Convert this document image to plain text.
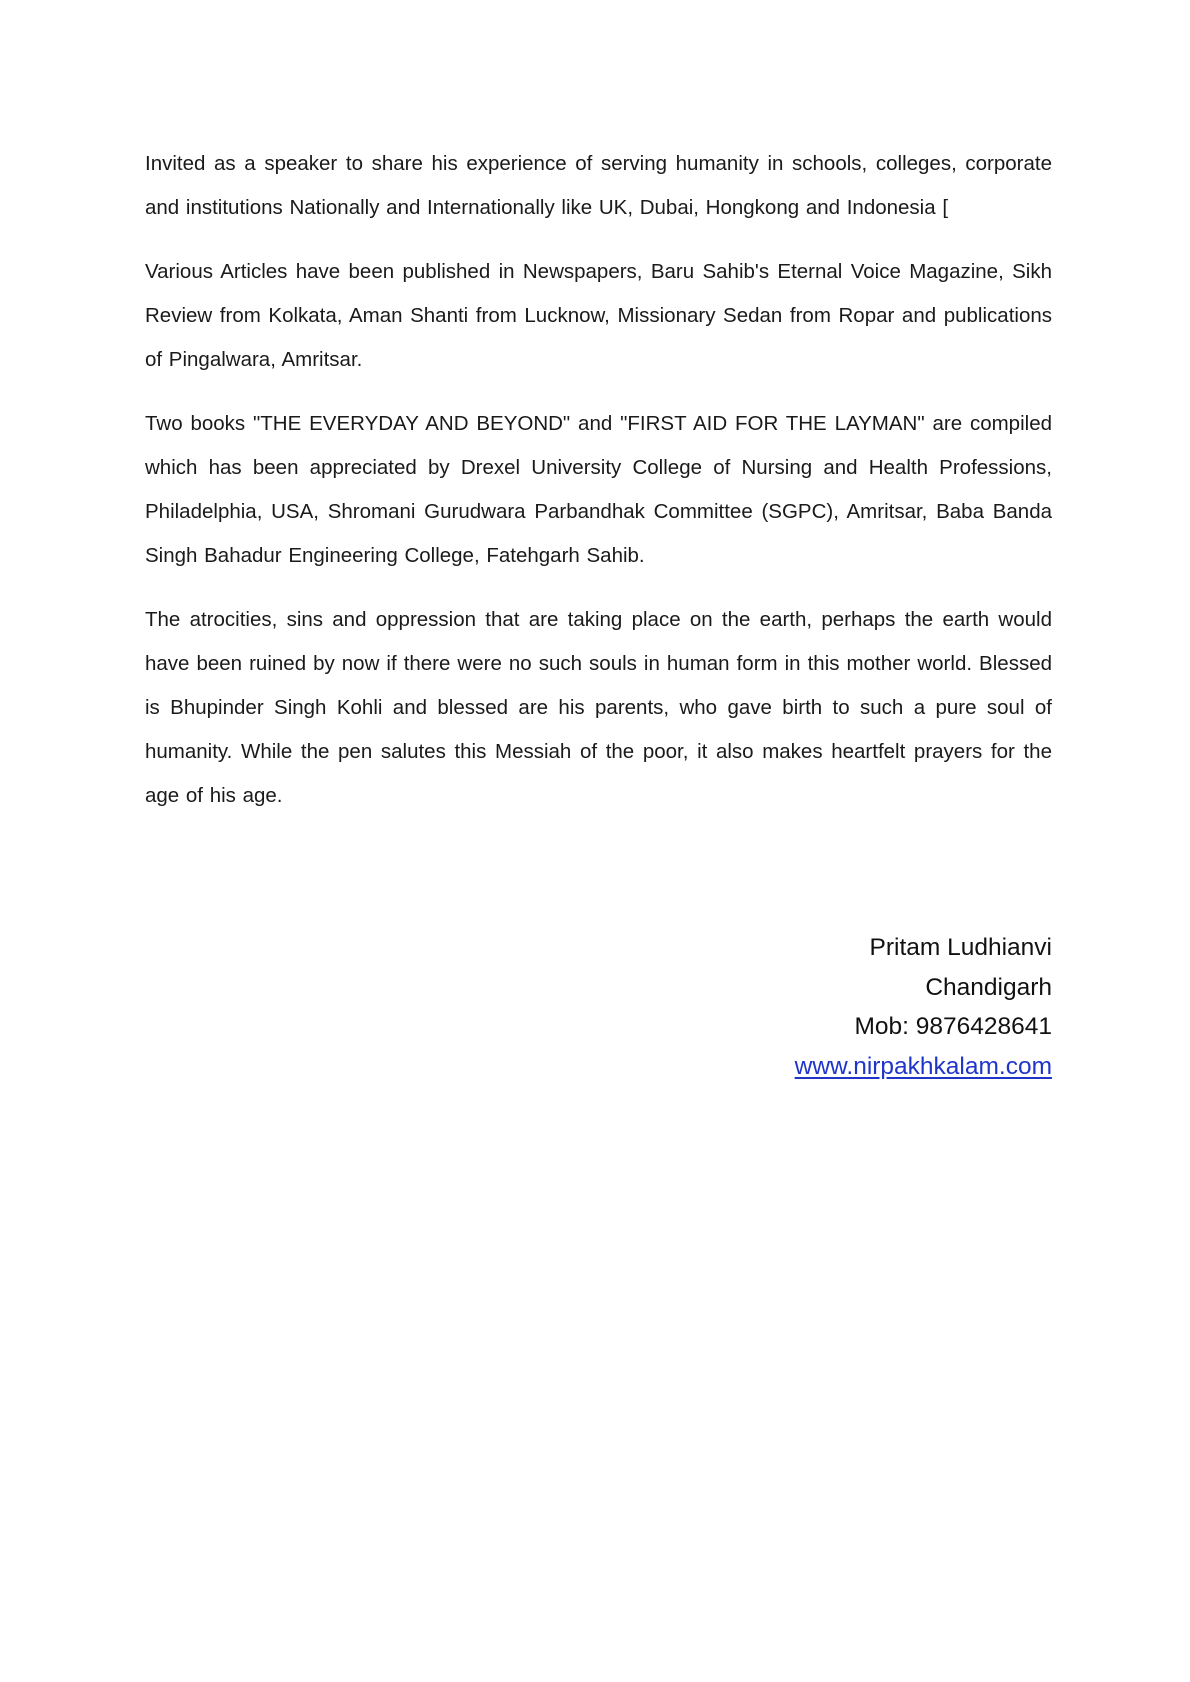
Invited as a speaker to share his experience of serving humanity in schools, colleges, corporate and institutions Nationally and Internationally like UK, Dubai, Hongkong and Indonesia [

Various Articles have been published in Newspapers, Baru Sahib's Eternal Voice Magazine, Sikh Review from Kolkata, Aman Shanti from Lucknow, Missionary Sedan from Ropar and publications of Pingalwara, Amritsar.

Two books "THE EVERYDAY AND BEYOND" and "FIRST AID FOR THE LAYMAN" are compiled which has been appreciated by Drexel University College of Nursing and Health Professions, Philadelphia, USA, Shromani Gurudwara Parbandhak Committee (SGPC), Amritsar, Baba Banda Singh Bahadur Engineering College, Fatehgarh Sahib.

The atrocities, sins and oppression that are taking place on the earth, perhaps the earth would have been ruined by now if there were no such souls in human form in this mother world. Blessed is Bhupinder Singh Kohli and blessed are his parents, who gave birth to such a pure soul of humanity. While the pen salutes this Messiah of the poor, it also makes heartfelt prayers for the age of his age.

Pritam Ludhianvi
Chandigarh
Mob: 9876428641
www.nirpakhkalam.com
